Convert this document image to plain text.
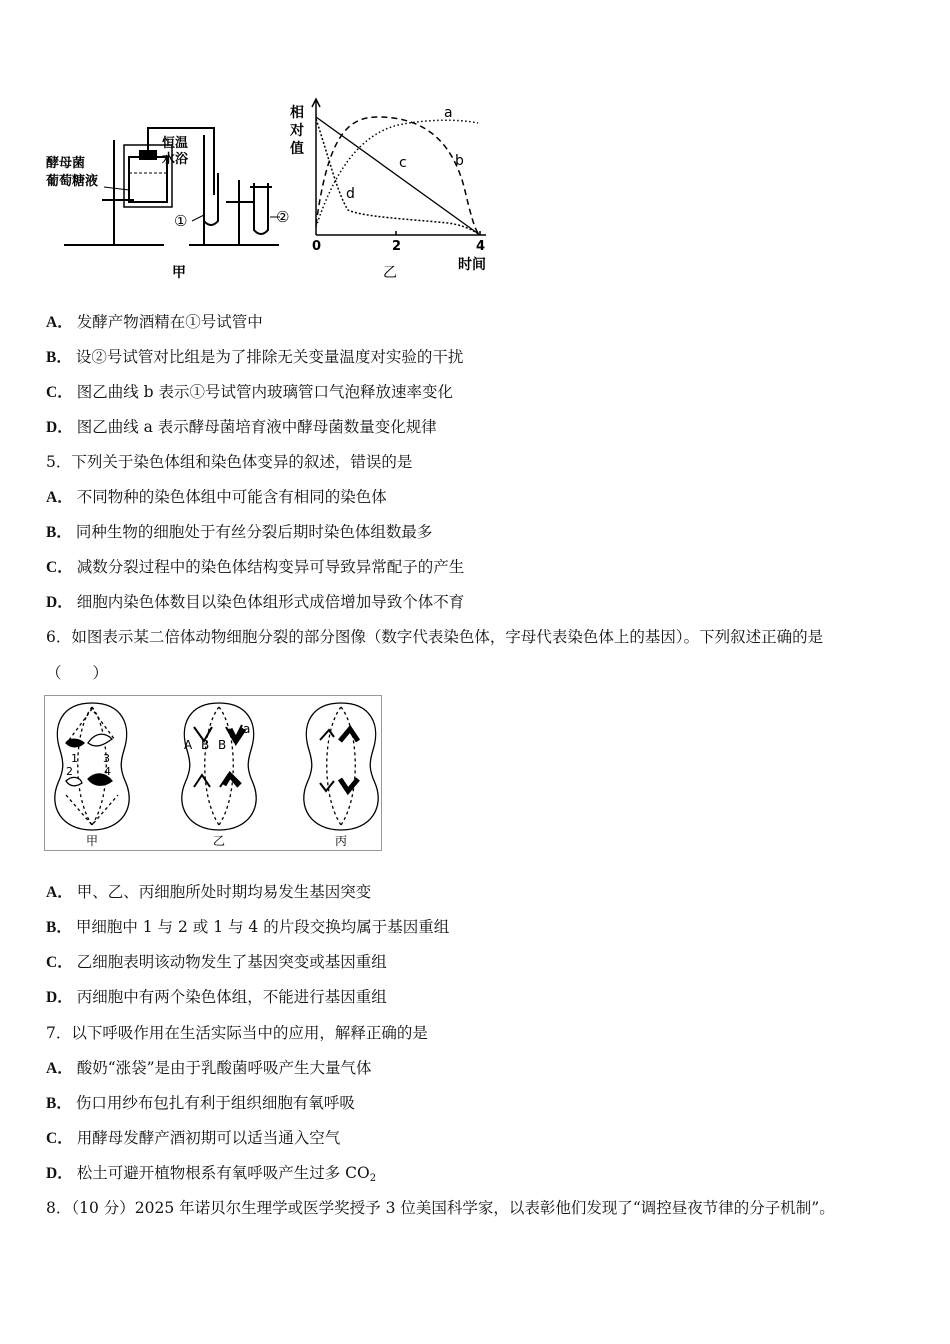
酵母菌
葡萄糖液
恒温
水浴
①	②
甲
相
对
值
a
b
c
d
0	2	4
时间
乙
A． 发酵产物酒精在①号试管中
B． 设②号试管对比组是为了排除无关变量温度对实验的干扰
C． 图乙曲线 b 表示①号试管内玻璃管口气泡释放速率变化
D． 图乙曲线 a 表示酵母菌培育液中酵母菌数量变化规律
5．下列关于染色体组和染色体变异的叙述，错误的是
A． 不同物种的染色体组中可能含有相同的染色体
B． 同种生物的细胞处于有丝分裂后期时染色体组数最多
C． 减数分裂过程中的染色体结构变异可导致异常配子的产生
D． 细胞内染色体数目以染色体组形式成倍增加导致个体不育
6．如图表示某二倍体动物细胞分裂的部分图像（数字代表染色体，字母代表染色体上的基因）。下列叙述正确的是
（　　）
1 3
2	4
A B B
a
甲	乙	丙
A． 甲、乙、丙细胞所处时期均易发生基因突变
B． 甲细胞中 1 与 2 或 1 与 4 的片段交换均属于基因重组
C． 乙细胞表明该动物发生了基因突变或基因重组
D． 丙细胞中有两个染色体组，不能进行基因重组
7．以下呼吸作用在生活实际当中的应用，解释正确的是
A． 酸奶“涨袋”是由于乳酸菌呼吸产生大量气体
B． 伤口用纱布包扎有利于组织细胞有氧呼吸
C． 用酵母发酵产酒初期可以适当通入空气
D． 松土可避开植物根系有氧呼吸产生过多 $CO_2$
8．（10 分）2025 年诺贝尔生理学或医学奖授予 3 位美国科学家，以表彰他们发现了“调控昼夜节律的分子机制”。
